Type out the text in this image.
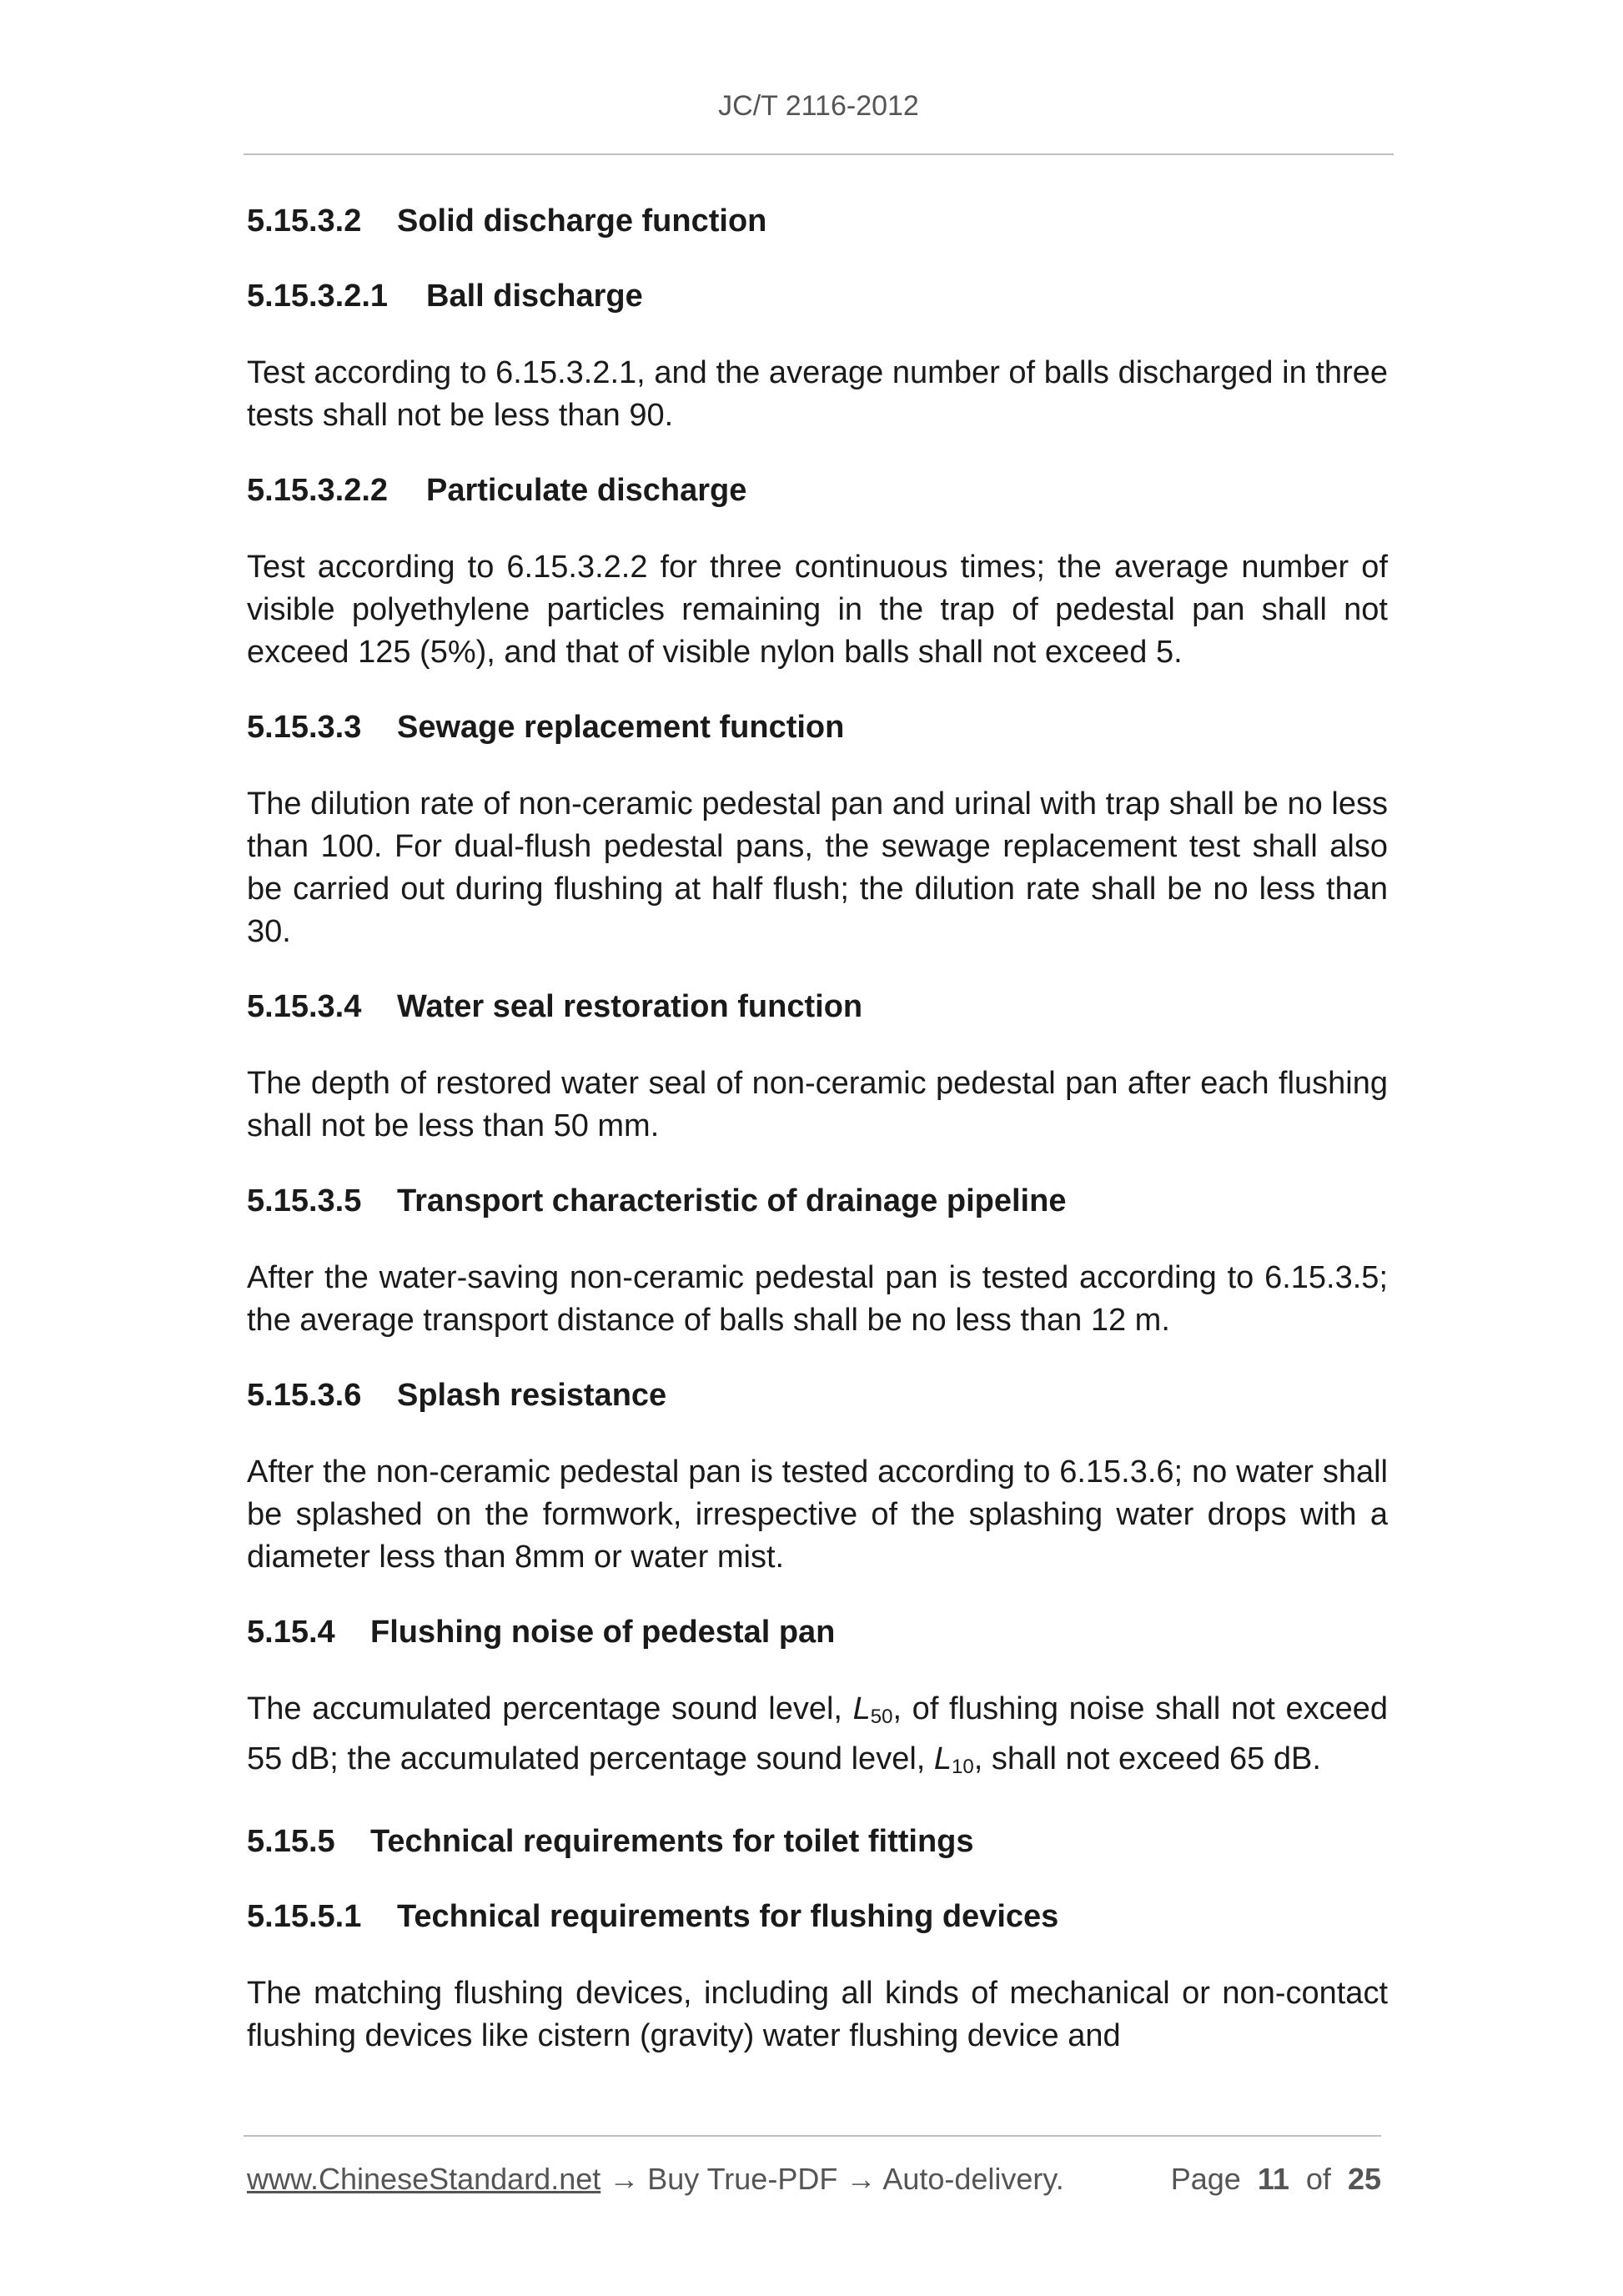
JC/T 2116-2012
5.15.3.2 Solid discharge function
5.15.3.2.1 Ball discharge
Test according to 6.15.3.2.1, and the average number of balls discharged in three tests shall not be less than 90.
5.15.3.2.2 Particulate discharge
Test according to 6.15.3.2.2 for three continuous times; the average number of visible polyethylene particles remaining in the trap of pedestal pan shall not exceed 125 (5%), and that of visible nylon balls shall not exceed 5.
5.15.3.3 Sewage replacement function
The dilution rate of non-ceramic pedestal pan and urinal with trap shall be no less than 100. For dual-flush pedestal pans, the sewage replacement test shall also be carried out during flushing at half flush; the dilution rate shall be no less than 30.
5.15.3.4 Water seal restoration function
The depth of restored water seal of non-ceramic pedestal pan after each flushing shall not be less than 50 mm.
5.15.3.5 Transport characteristic of drainage pipeline
After the water-saving non-ceramic pedestal pan is tested according to 6.15.3.5; the average transport distance of balls shall be no less than 12 m.
5.15.3.6 Splash resistance
After the non-ceramic pedestal pan is tested according to 6.15.3.6; no water shall be splashed on the formwork, irrespective of the splashing water drops with a diameter less than 8mm or water mist.
5.15.4 Flushing noise of pedestal pan
The accumulated percentage sound level, $L_{50}$, of flushing noise shall not exceed 55 dB; the accumulated percentage sound level, $L_{10}$, shall not exceed 65 dB.
5.15.5 Technical requirements for toilet fittings
5.15.5.1 Technical requirements for flushing devices
The matching flushing devices, including all kinds of mechanical or non-contact flushing devices like cistern (gravity) water flushing device and
www.ChineseStandard.net → Buy True-PDF → Auto-delivery.	Page 11 of 25
